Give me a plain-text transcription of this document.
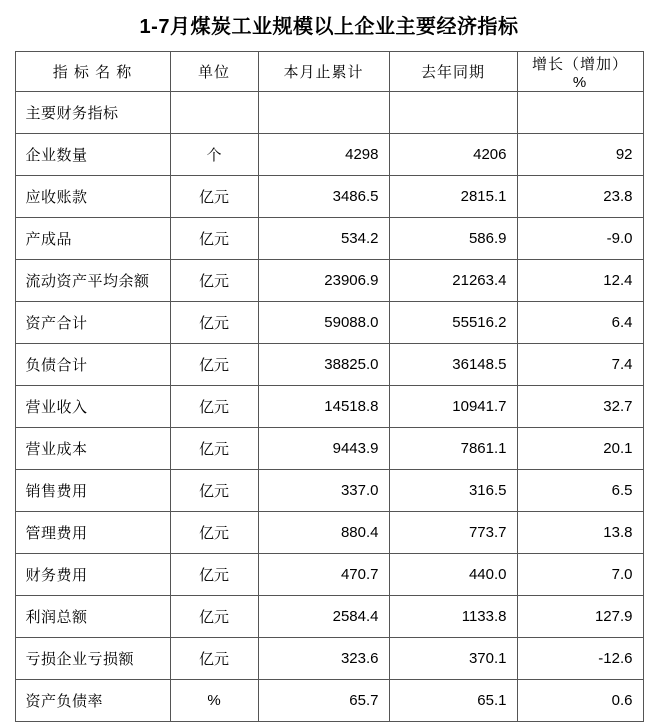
1-7月煤炭工业规模以上企业主要经济指标
指 标 名 称	单位	本月止累计	去年同期	增长（增加）%
主要财务指标				
企业数量	个	4298	4206	92
应收账款	亿元	3486.5	2815.1	23.8
产成品	亿元	534.2	586.9	-9.0
流动资产平均余额	亿元	23906.9	21263.4	12.4
资产合计	亿元	59088.0	55516.2	6.4
负债合计	亿元	38825.0	36148.5	7.4
营业收入	亿元	14518.8	10941.7	32.7
营业成本	亿元	9443.9	7861.1	20.1
销售费用	亿元	337.0	316.5	6.5
管理费用	亿元	880.4	773.7	13.8
财务费用	亿元	470.7	440.0	7.0
利润总额	亿元	2584.4	1133.8	127.9
亏损企业亏损额	亿元	323.6	370.1	-12.6
资产负债率	%	65.7	65.1	0.6
